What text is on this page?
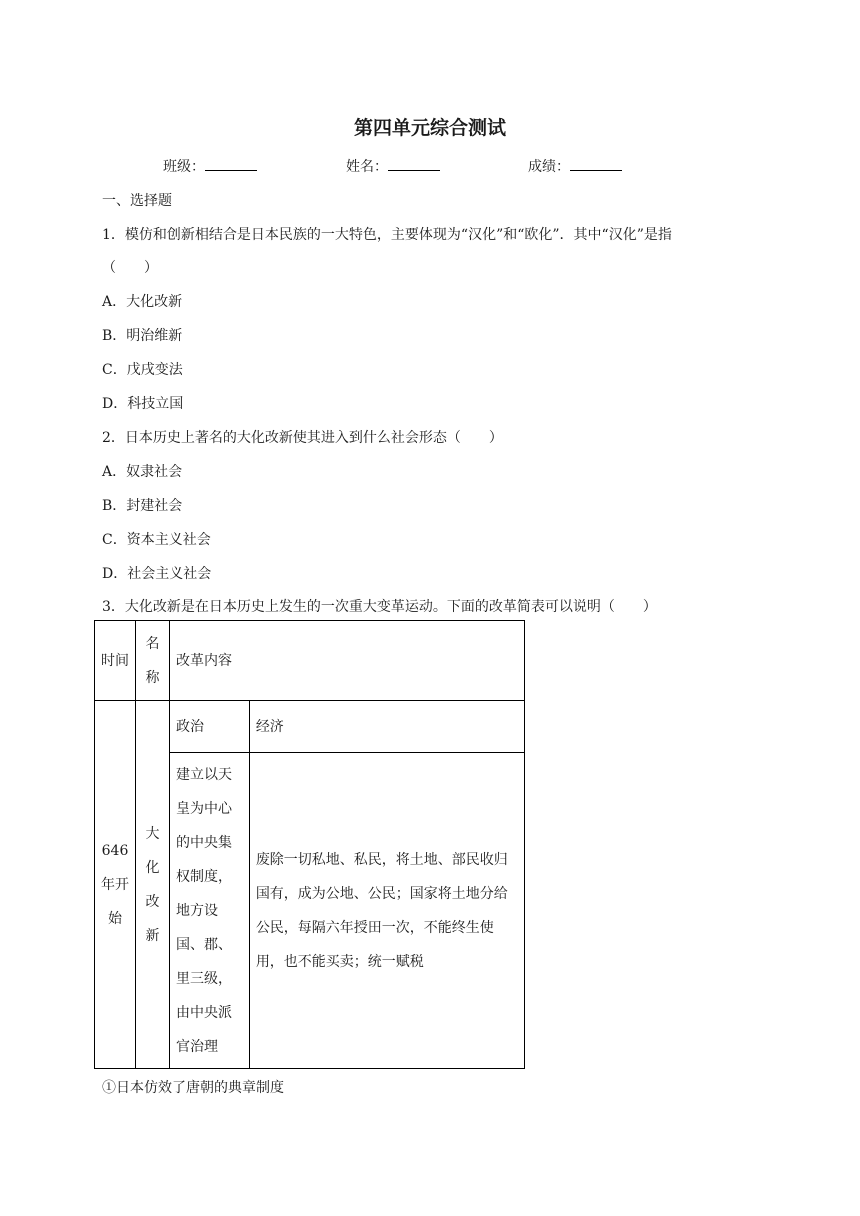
第四单元综合测试
班级：	姓名：	成绩：
一、选择题
1．模仿和创新相结合是日本民族的一大特色，主要体现为“汉化”和“欧化”．其中“汉化”是指
（　　）
A．大化改新
B．明治维新
C．戊戌变法
D．科技立国
2．日本历史上著名的大化改新使其进入到什么社会形态（　　）
A．奴隶社会
B．封建社会
C．资本主义社会
D．社会主义社会
3．大化改新是在日本历史上发生的一次重大变革运动。下面的改革简表可以说明（　　）
时间	名称	改革内容	
646年开始	大化改新	政治	经济
		建立以天皇为中心的中央集权制度，地方设国、郡、里三级，由中央派官治理	废除一切私地、私民，将土地、部民收归国有，成为公地、公民；国家将土地分给公民，每隔六年授田一次，不能终生使用，也不能买卖；统一赋税
①日本仿效了唐朝的典章制度
